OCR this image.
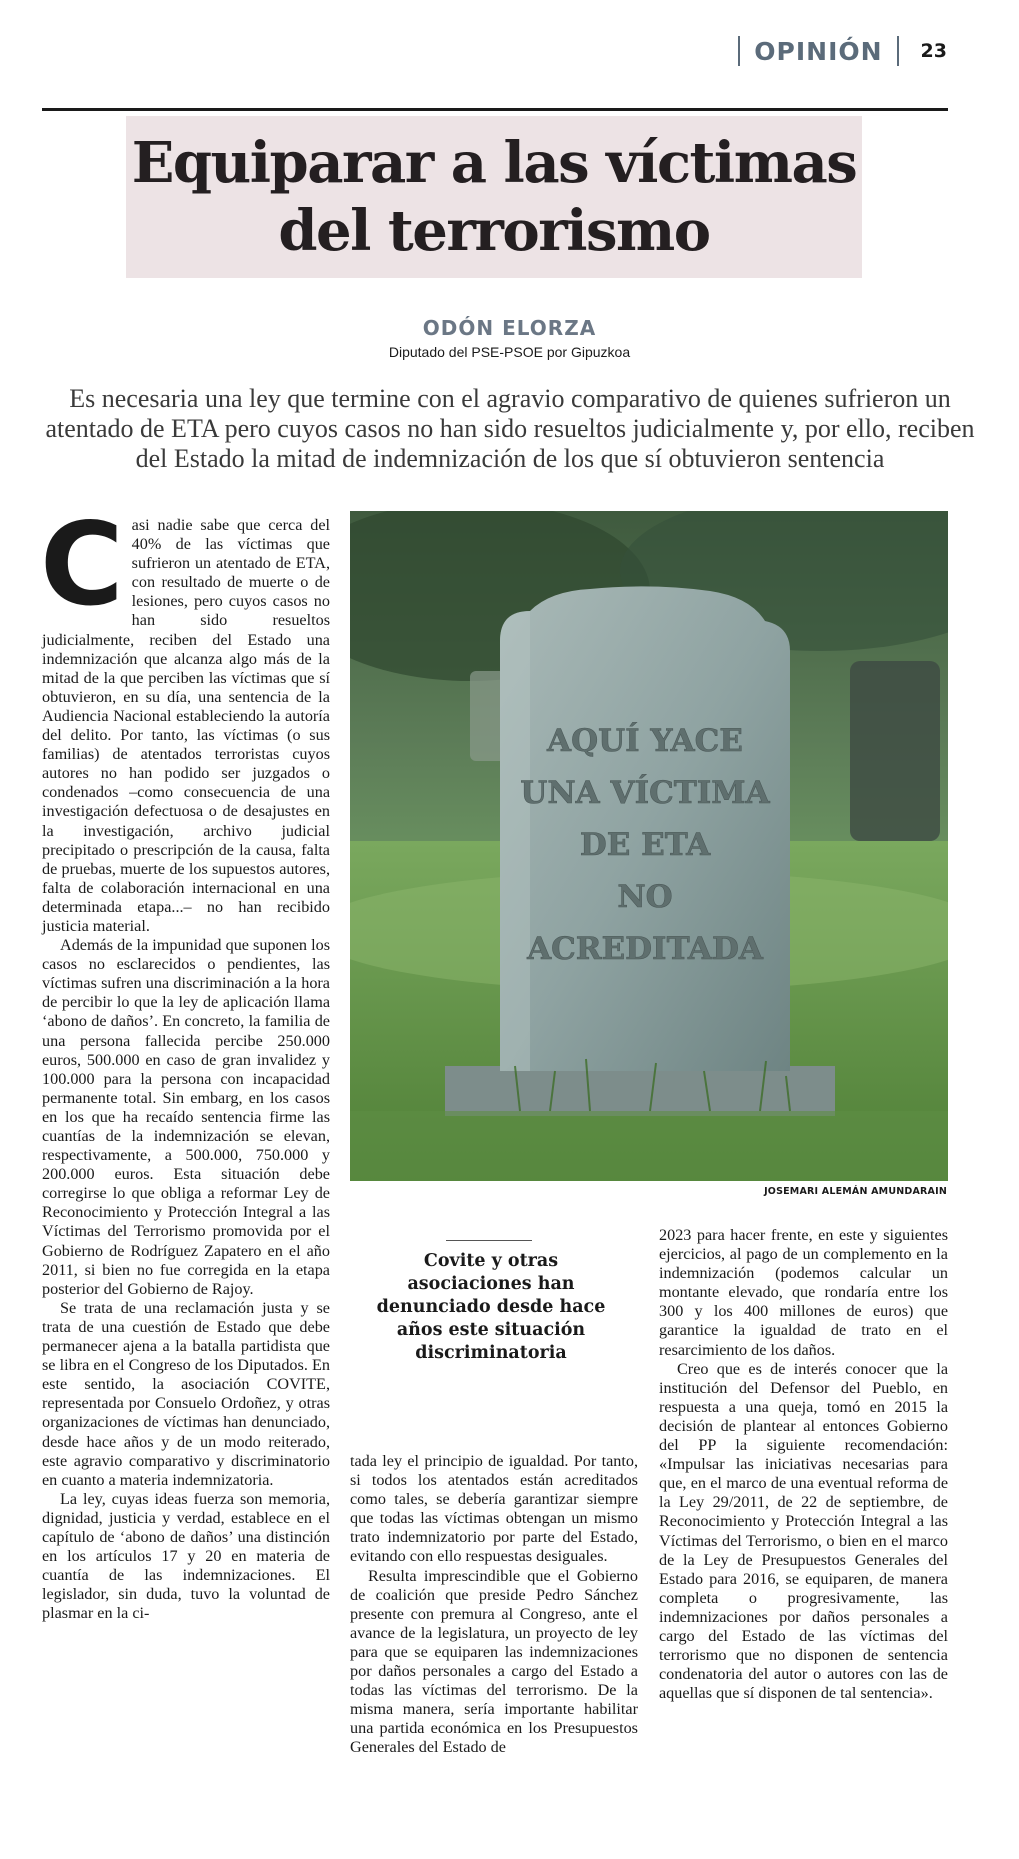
OPINIÓN 23
Equiparar a las víctimas
del terrorismo
ODÓN ELORZA
Diputado del PSE-PSOE por Gipuzkoa
Es necesaria una ley que termine con el agravio comparativo de quienes sufrieron un atentado de ETA pero cuyos casos no han sido resueltos judicialmente y, por ello, reciben del Estado la mitad de indemnización de los que sí obtuvieron sentencia
C asi nadie sabe que cerca del 40% de las víctimas que sufrieron un atentado de ETA, con resultado de muerte o de lesiones, pero cuyos casos no han sido resueltos judicialmente, reciben del Estado una indemnización que alcanza algo más de la mitad de la que perciben las víctimas que sí obtuvieron, en su día, una sentencia de la Audiencia Nacional estableciendo la autoría del delito. Por tanto, las víctimas (o sus familias) de atentados terroristas cuyos autores no han podido ser juzgados o condenados –como consecuencia de una investigación defectuosa o de desajustes en la investigación, archivo judicial precipitado o prescripción de la causa, falta de pruebas, muerte de los supuestos autores, falta de colaboración internacional en una determinada etapa...– no han recibido justicia material.

Además de la impunidad que suponen los casos no esclarecidos o pendientes, las víctimas sufren una discriminación a la hora de percibir lo que la ley de aplicación llama ‘abono de daños’. En concreto, la familia de una persona fallecida percibe 250.000 euros, 500.000 en caso de gran invalidez y 100.000 para la persona con incapacidad permanente total. Sin embarg, en los casos en los que ha recaído sentencia firme las cuantías de la indemnización se elevan, respectivamente, a 500.000, 750.000 y 200.000 euros. Esta situación debe corregirse lo que obliga a reformar Ley de Reconocimiento y Protección Integral a las Víctimas del Terrorismo promovida por el Gobierno de Rodríguez Zapatero en el año 2011, si bien no fue corregida en la etapa posterior del Gobierno de Rajoy.

Se trata de una reclamación justa y se trata de una cuestión de Estado que debe permanecer ajena a la batalla partidista que se libra en el Congreso de los Diputados. En este sentido, la asociación COVITE, representada por Consuelo Ordoñez, y otras organizaciones de víctimas han denunciado, desde hace años y de un modo reiterado, este agravio comparativo y discriminatorio en cuanto a materia indemnizatoria.

La ley, cuyas ideas fuerza son memoria, dignidad, justicia y verdad, establece en el capítulo de ‘abono de daños’ una distinción en los artículos 17 y 20 en materia de cuantía de las indemnizaciones. El legislador, sin duda, tuvo la voluntad de plasmar en la ci-

AQUÍ YACE
UNA VÍCTIMA
DE ETA
NO
ACREDITADA
JOSEMARI ALEMÁN AMUNDARAIN
Covite y otras asociaciones han denunciado desde hace años este situación discriminatoria

tada ley el principio de igualdad. Por tanto, si todos los atentados están acreditados como tales, se debería garantizar siempre que todas las víctimas obtengan un mismo trato indemnizatorio por parte del Estado, evitando con ello respuestas desiguales.

Resulta imprescindible que el Gobierno de coalición que preside Pedro Sánchez presente con premura al Congreso, ante el avance de la legislatura, un proyecto de ley para que se equiparen las indemnizaciones por daños personales a cargo del Estado a todas las víctimas del terrorismo. De la misma manera, sería importante habilitar una partida económica en los Presupuestos Generales del Estado de

2023 para hacer frente, en este y siguientes ejercicios, al pago de un complemento en la indemnización (podemos calcular un montante elevado, que rondaría entre los 300 y los 400 millones de euros) que garantice la igualdad de trato en el resarcimiento de los daños.

Creo que es de interés conocer que la institución del Defensor del Pueblo, en respuesta a una queja, tomó en 2015 la decisión de plantear al entonces Gobierno del PP la siguiente recomendación: «Impulsar las iniciativas necesarias para que, en el marco de una eventual reforma de la Ley 29/2011, de 22 de septiembre, de Reconocimiento y Protección Integral a las Víctimas del Terrorismo, o bien en el marco de la Ley de Presupuestos Generales del Estado para 2016, se equiparen, de manera completa o progresivamente, las indemnizaciones por daños personales a cargo del Estado de las víctimas del terrorismo que no disponen de sentencia condenatoria del autor o autores con las de aquellas que sí disponen de tal sentencia».
